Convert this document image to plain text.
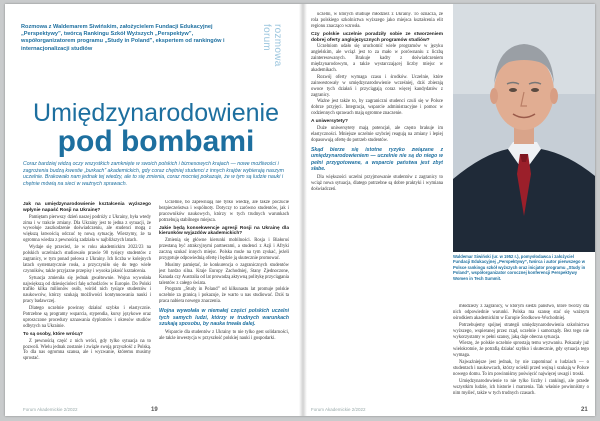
Rozmowa z Waldemarem Siwińskim, założycielem Fundacji Edukacyjnej „Perspektywy”, twórcą Rankingu Szkół Wyższych „Perspektyw”, współorganizatorem programu „Study in Poland”, ekspertem od rankingów i internacjonalizacji studiów	rozmowa forum
Umiędzynarodowienie
pod bombami
Coraz bardziej widzą oczy wszystkich zamknięte w swoich polskich i biznesowych krajach — nowe możliwości i zagrożenia budzą kwestie „burkach” akademickich, gdy coraz chętniej studenci z innych krajów wybierają naszym uczelnie. Brakowało nam jednak tej wiedzy, ale to się zmienia, coraz mocniej pokazuje, że w tym są ludzie nauki i chętnie mówią na sieci w ważnych sprawach.

Jak na umiędzynarodowienie kształcenia wyższego wpłynie napaść Rosji na Ukrainę?

Pamiętam pierwszy dzień naszej podróży z Ukrainy, była wtedy zima i w trakcie zmiany. Dla Ukrainy jest to jedna z sytuacji, że wywołuje zaszkodzenie doświadczeniu, ale studenci mogą z większą łatwością odczuć tę nową sytuację. Wierzymy, że ta ogromna wiedza z pewnością zadziała w najbliższych latach.

Wydaje się przecież, że w roku akademickim 2022/23 na polskich uczelniach studiowało prawie 90 tysięcy studentów z zagranicy, w tym ponad połowa z Ukrainy. Ich liczba w kolejnych latach systematycznie rosła, a przyczyniło się do tego wiele czynników, także przyjazne przepisy i wysoka jakość kształcenia.

Sytuacja zmieniła się jednak gwałtownie. Wojna wywołała największą od dziesięcioleci falę uchodźców w Europie. Do Polski trafiło kilka milionów osób, wśród nich tysiące studentów i naukowców, którzy szukają możliwości kontynuowania nauki i pracy badawczej.

Dlatego uczelnie powinny działać szybko i elastycznie. Potrzebne są programy wsparcia, stypendia, kursy językowe oraz uproszczone procedury uznawania dyplomów i okresów studiów odbytych na Ukrainie.

To są osoby, które wrócą?

Z pewnością część z nich wróci, gdy tylko sytuacja na to pozwoli. Wielu jednak zostanie i zwiąże swoją przyszłość z Polską. To dla nas ogromna szansa, ale i wyzwanie, któremu musimy sprostać.

Uczelnie, bo zapewniają nie tylko wiedzę, ale także poczucie bezpieczeństwa i wspólnoty. Dotyczy to zarówno studentów, jak i pracowników naukowych, którzy w tych trudnych warunkach potrzebują stabilnego miejsca.

Jakie będą konsekwencje agresji Rosji na Ukrainę dla kierunków wyjazdów akademickich?

Zmienią się główne kierunki mobilności. Rosja i Białoruś przestaną być atrakcyjnymi partnerami, a studenci z Azji i Afryki zaczną szukać innych miejsc. Polska może na tym zyskać, jeżeli przygotuje odpowiednią ofertę i będzie ją skutecznie promować.

Musimy pamiętać, że konkurencja o zagranicznych studentów jest bardzo silna. Kraje Europy Zachodniej, Stany Zjednoczone, Kanada czy Australia od lat prowadzą aktywną politykę przyciągania talentów z całego świata.

Program „Study in Poland” od kilkunastu lat promuje polskie uczelnie za granicą i pokazuje, że warto u nas studiować. Dziś ta praca nabiera nowego znaczenia.

Wojna wywołała w niemałej części polskich uczelni tych samych ludzi, którzy w trudnych warunkach szukają sposobu, by nauka trwała dalej.

Wsparcie dla studentów z Ukrainy to nie tylko gest solidarności, ale także inwestycja w przyszłość polskiej nauki i gospodarki.

Forum Akademickie 2/2022	19

uczelni, w których studiuje młodzież z Ukrainy. To oznacza, że rola polskiego szkolnictwa wyższego jako miejsca kształcenia elit regionu znacząco wzrosła.

Czy polskie uczelnie poradziły sobie ze stworzeniem dobrej oferty anglojęzycznych programów studiów?

Uczelniom udało się uruchomić wiele programów w języku angielskim, ale wciąż jest to za mało w porównaniu z liczbą zainteresowanych. Brakuje kadry z doświadczeniem międzynarodowym, a także wystarczającej liczby miejsc w akademikach.

Rozwój oferty wymaga czasu i środków. Uczelnie, które zainwestowały w umiędzynarodowienie wcześniej, dziś zbierają owoce tych działań i przyciągają coraz więcej kandydatów z zagranicy.

Ważne jest także to, by zagraniczni studenci czuli się w Polsce dobrze przyjęci. Integracja, wsparcie administracyjne i pomoc w codziennych sprawach mają ogromne znaczenie.

A uniwersytety?

Duże uniwersytety mają potencjał, ale często brakuje im elastyczności. Mniejsze uczelnie szybciej reagują na zmiany i lepiej dopasowują ofertę do potrzeb studentów.

Skąd bierze się istotne ryzyko związane z umiędzynarodowieniem — uczelnie nie są do niego w pełni przygotowane, a wsparcie państwa jest zbyt słabe.

Dla większości uczelni przyjmowanie studentów z zagranicy to wciąż nowa sytuacja, dlatego potrzebne są dobre praktyki i wymiana doświadczeń.

Waldemar Siwiński (ur. w 1952 r.), pomysłodawca i założyciel Fundacji Edukacyjnej „Perspektywy”, twórca i autor pierwszego w Polsce rankingu szkół wyższych oraz inicjator programu „Study in Poland”, współorganizator corocznej konferencji Perspektywy Women in Tech Summit.

młodzieży z zagranicy, w którym siedzi państwo, które tworzy dla nich odpowiednie warunki. Polska ma szansę stać się ważnym ośrodkiem akademickim w Europie Środkowo-Wschodniej.

Potrzebujemy spójnej strategii umiędzynarodowienia szkolnictwa wyższego, wspieranej przez rząd, uczelnie i samorządy. Bez tego nie wykorzystamy w pełni szansy, jaką daje obecna sytuacja.

Wierzę, że polskie uczelnie sprostają temu wyzwaniu. Pokazały już wielokrotnie, że potrafią działać szybko i skutecznie, gdy sytuacja tego wymaga.

Najważniejsze jest jednak, by nie zapominać o ludziach — o studentach i naukowcach, którzy uciekli przed wojną i szukają w Polsce nowego domu. To im powinniśmy poświęcić najwięcej uwagi i troski.

Umiędzynarodowienie to nie tylko liczby i rankingi, ale przede wszystkim ludzie, ich historie i marzenia. Tak właśnie powinniśmy o nim myśleć, także w tych trudnych czasach.

Forum Akademickie 2/2022	21
